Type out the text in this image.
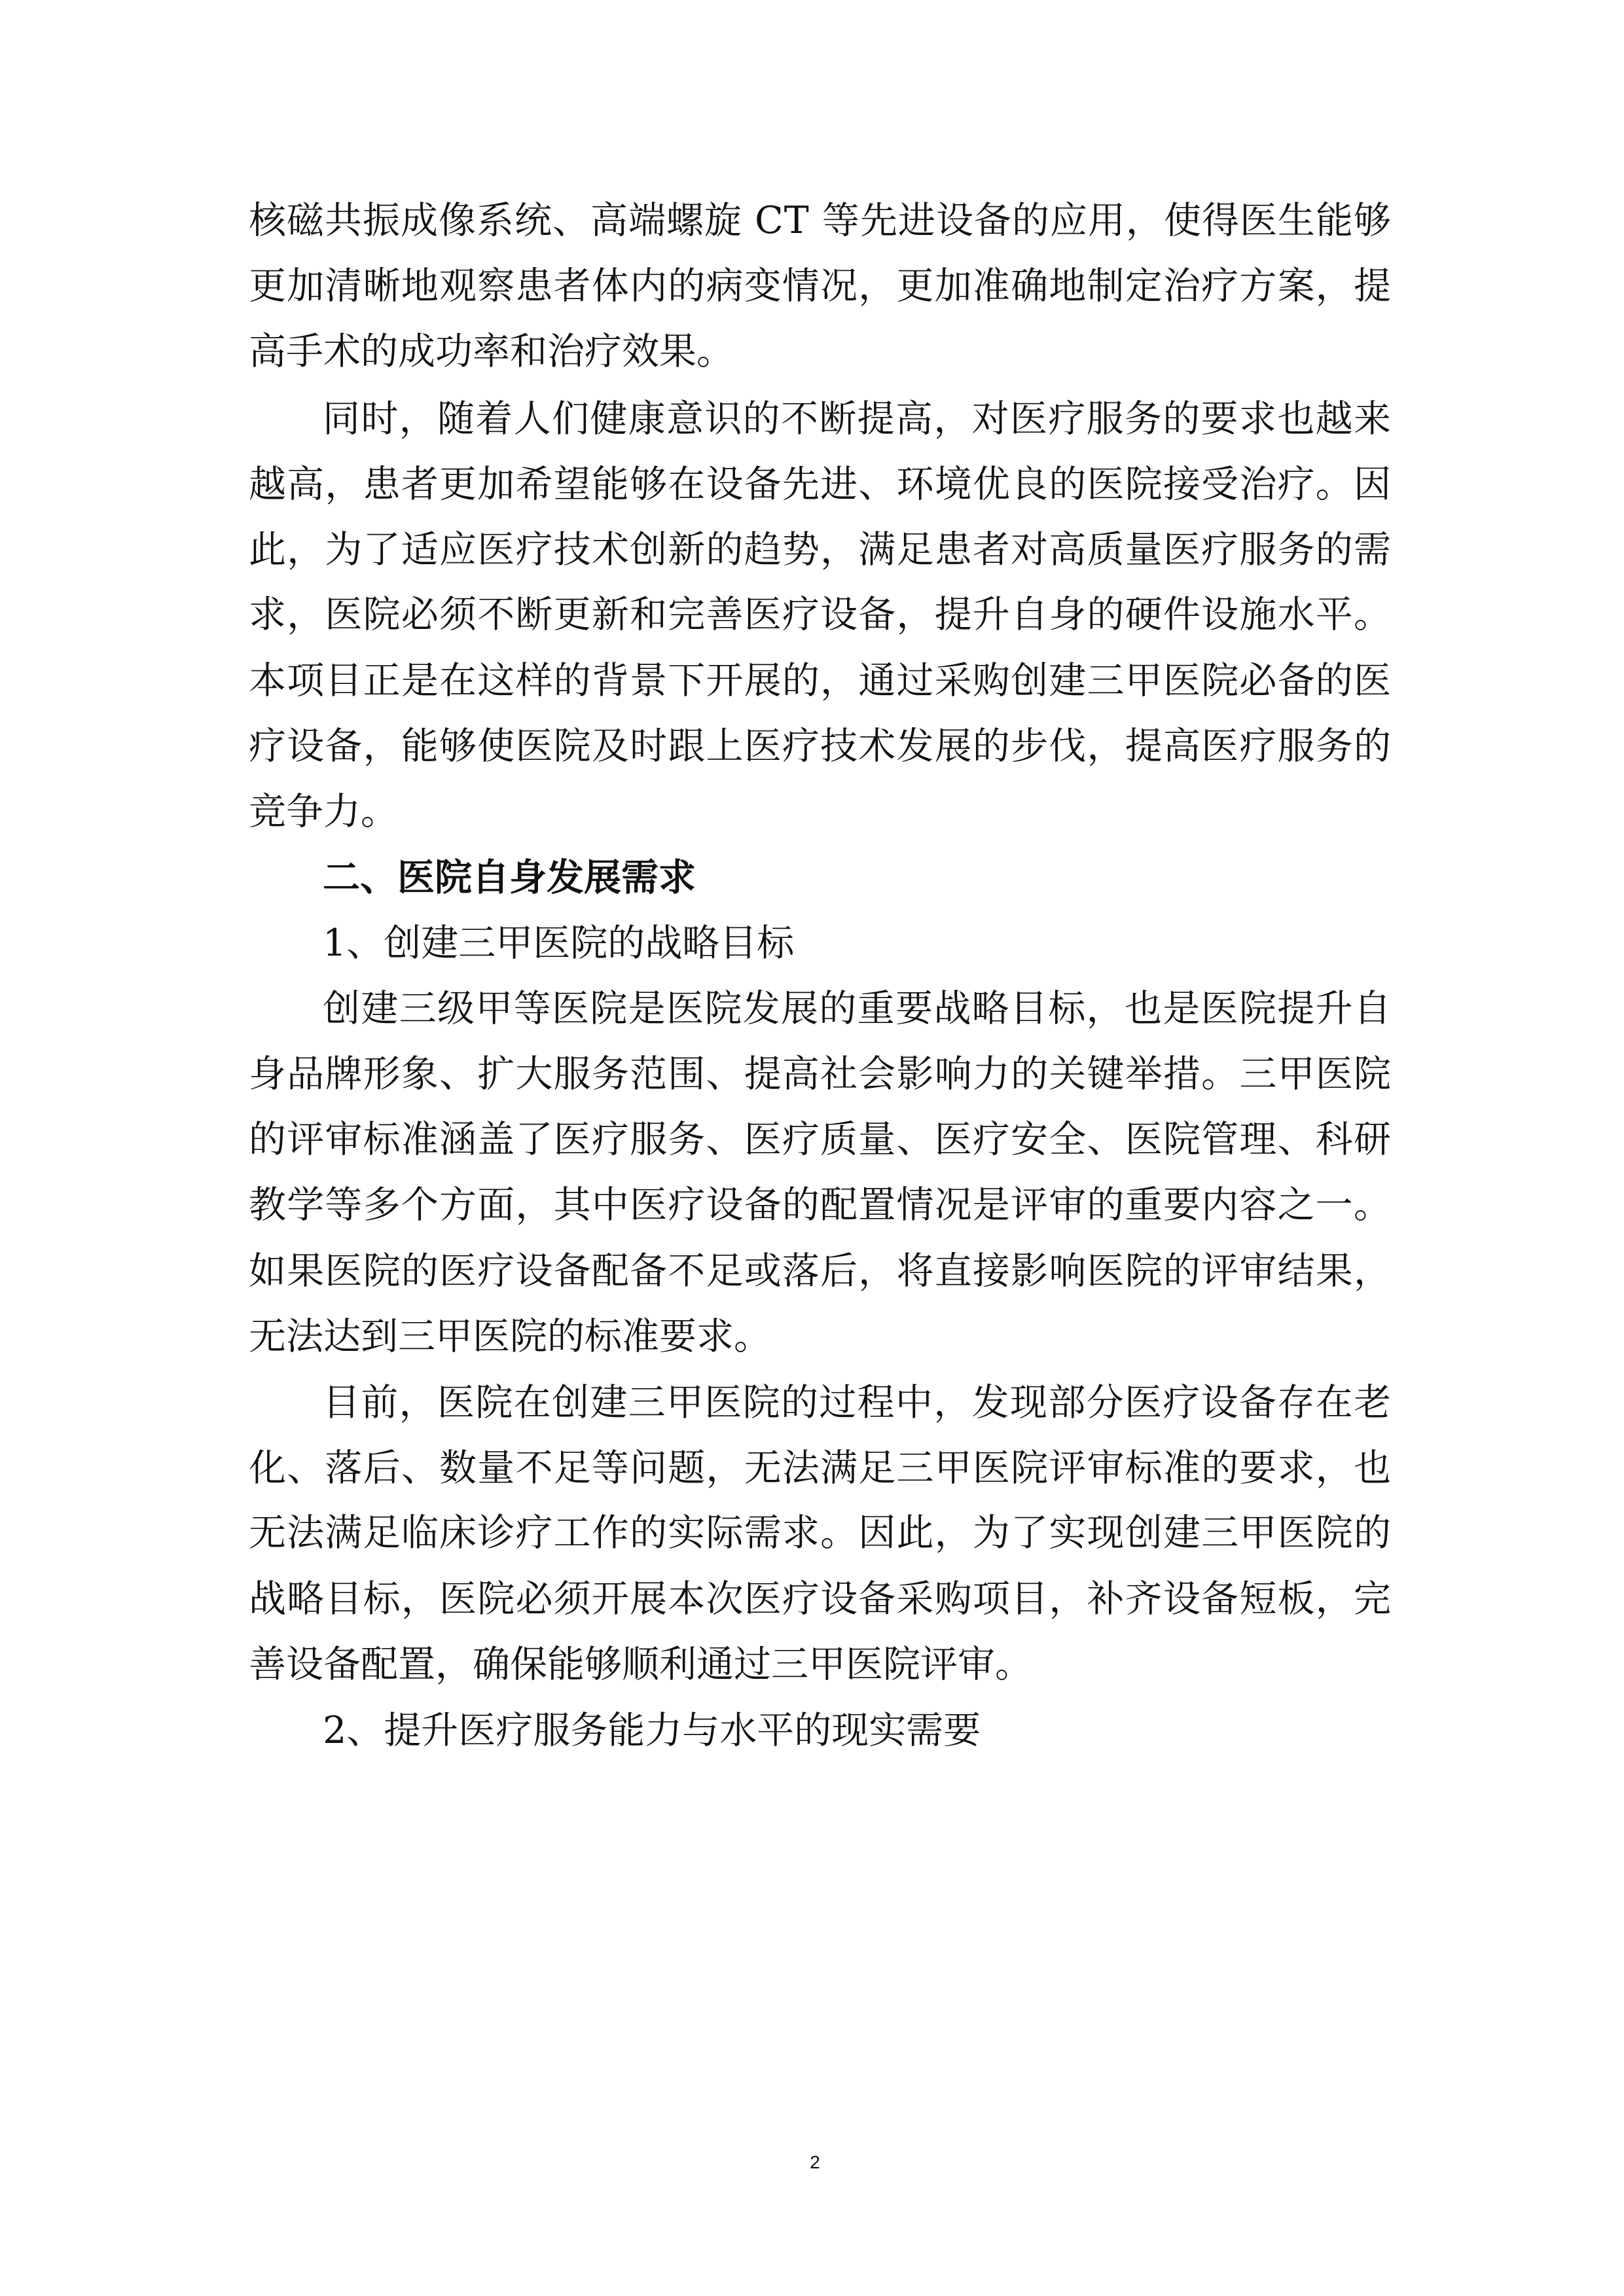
核磁共振成像系统、高端螺旋 CT 等先进设备的应用，使得医生能够
更加清晰地观察患者体内的病变情况，更加准确地制定治疗方案，提
高手术的成功率和治疗效果。
同时，随着人们健康意识的不断提高，对医疗服务的要求也越来
越高，患者更加希望能够在设备先进、环境优良的医院接受治疗。因
此，为了适应医疗技术创新的趋势，满足患者对高质量医疗服务的需
求，医院必须不断更新和完善医疗设备，提升自身的硬件设施水平。
本项目正是在这样的背景下开展的，通过采购创建三甲医院必备的医
疗设备，能够使医院及时跟上医疗技术发展的步伐，提高医疗服务的
竞争力。
二、医院自身发展需求
1、创建三甲医院的战略目标
创建三级甲等医院是医院发展的重要战略目标，也是医院提升自
身品牌形象、扩大服务范围、提高社会影响力的关键举措。三甲医院
的评审标准涵盖了医疗服务、医疗质量、医疗安全、医院管理、科研
教学等多个方面，其中医疗设备的配置情况是评审的重要内容之一。
如果医院的医疗设备配备不足或落后，将直接影响医院的评审结果，
无法达到三甲医院的标准要求。
目前，医院在创建三甲医院的过程中，发现部分医疗设备存在老
化、落后、数量不足等问题，无法满足三甲医院评审标准的要求，也
无法满足临床诊疗工作的实际需求。因此，为了实现创建三甲医院的
战略目标，医院必须开展本次医疗设备采购项目，补齐设备短板，完
善设备配置，确保能够顺利通过三甲医院评审。
2、提升医疗服务能力与水平的现实需要
2
